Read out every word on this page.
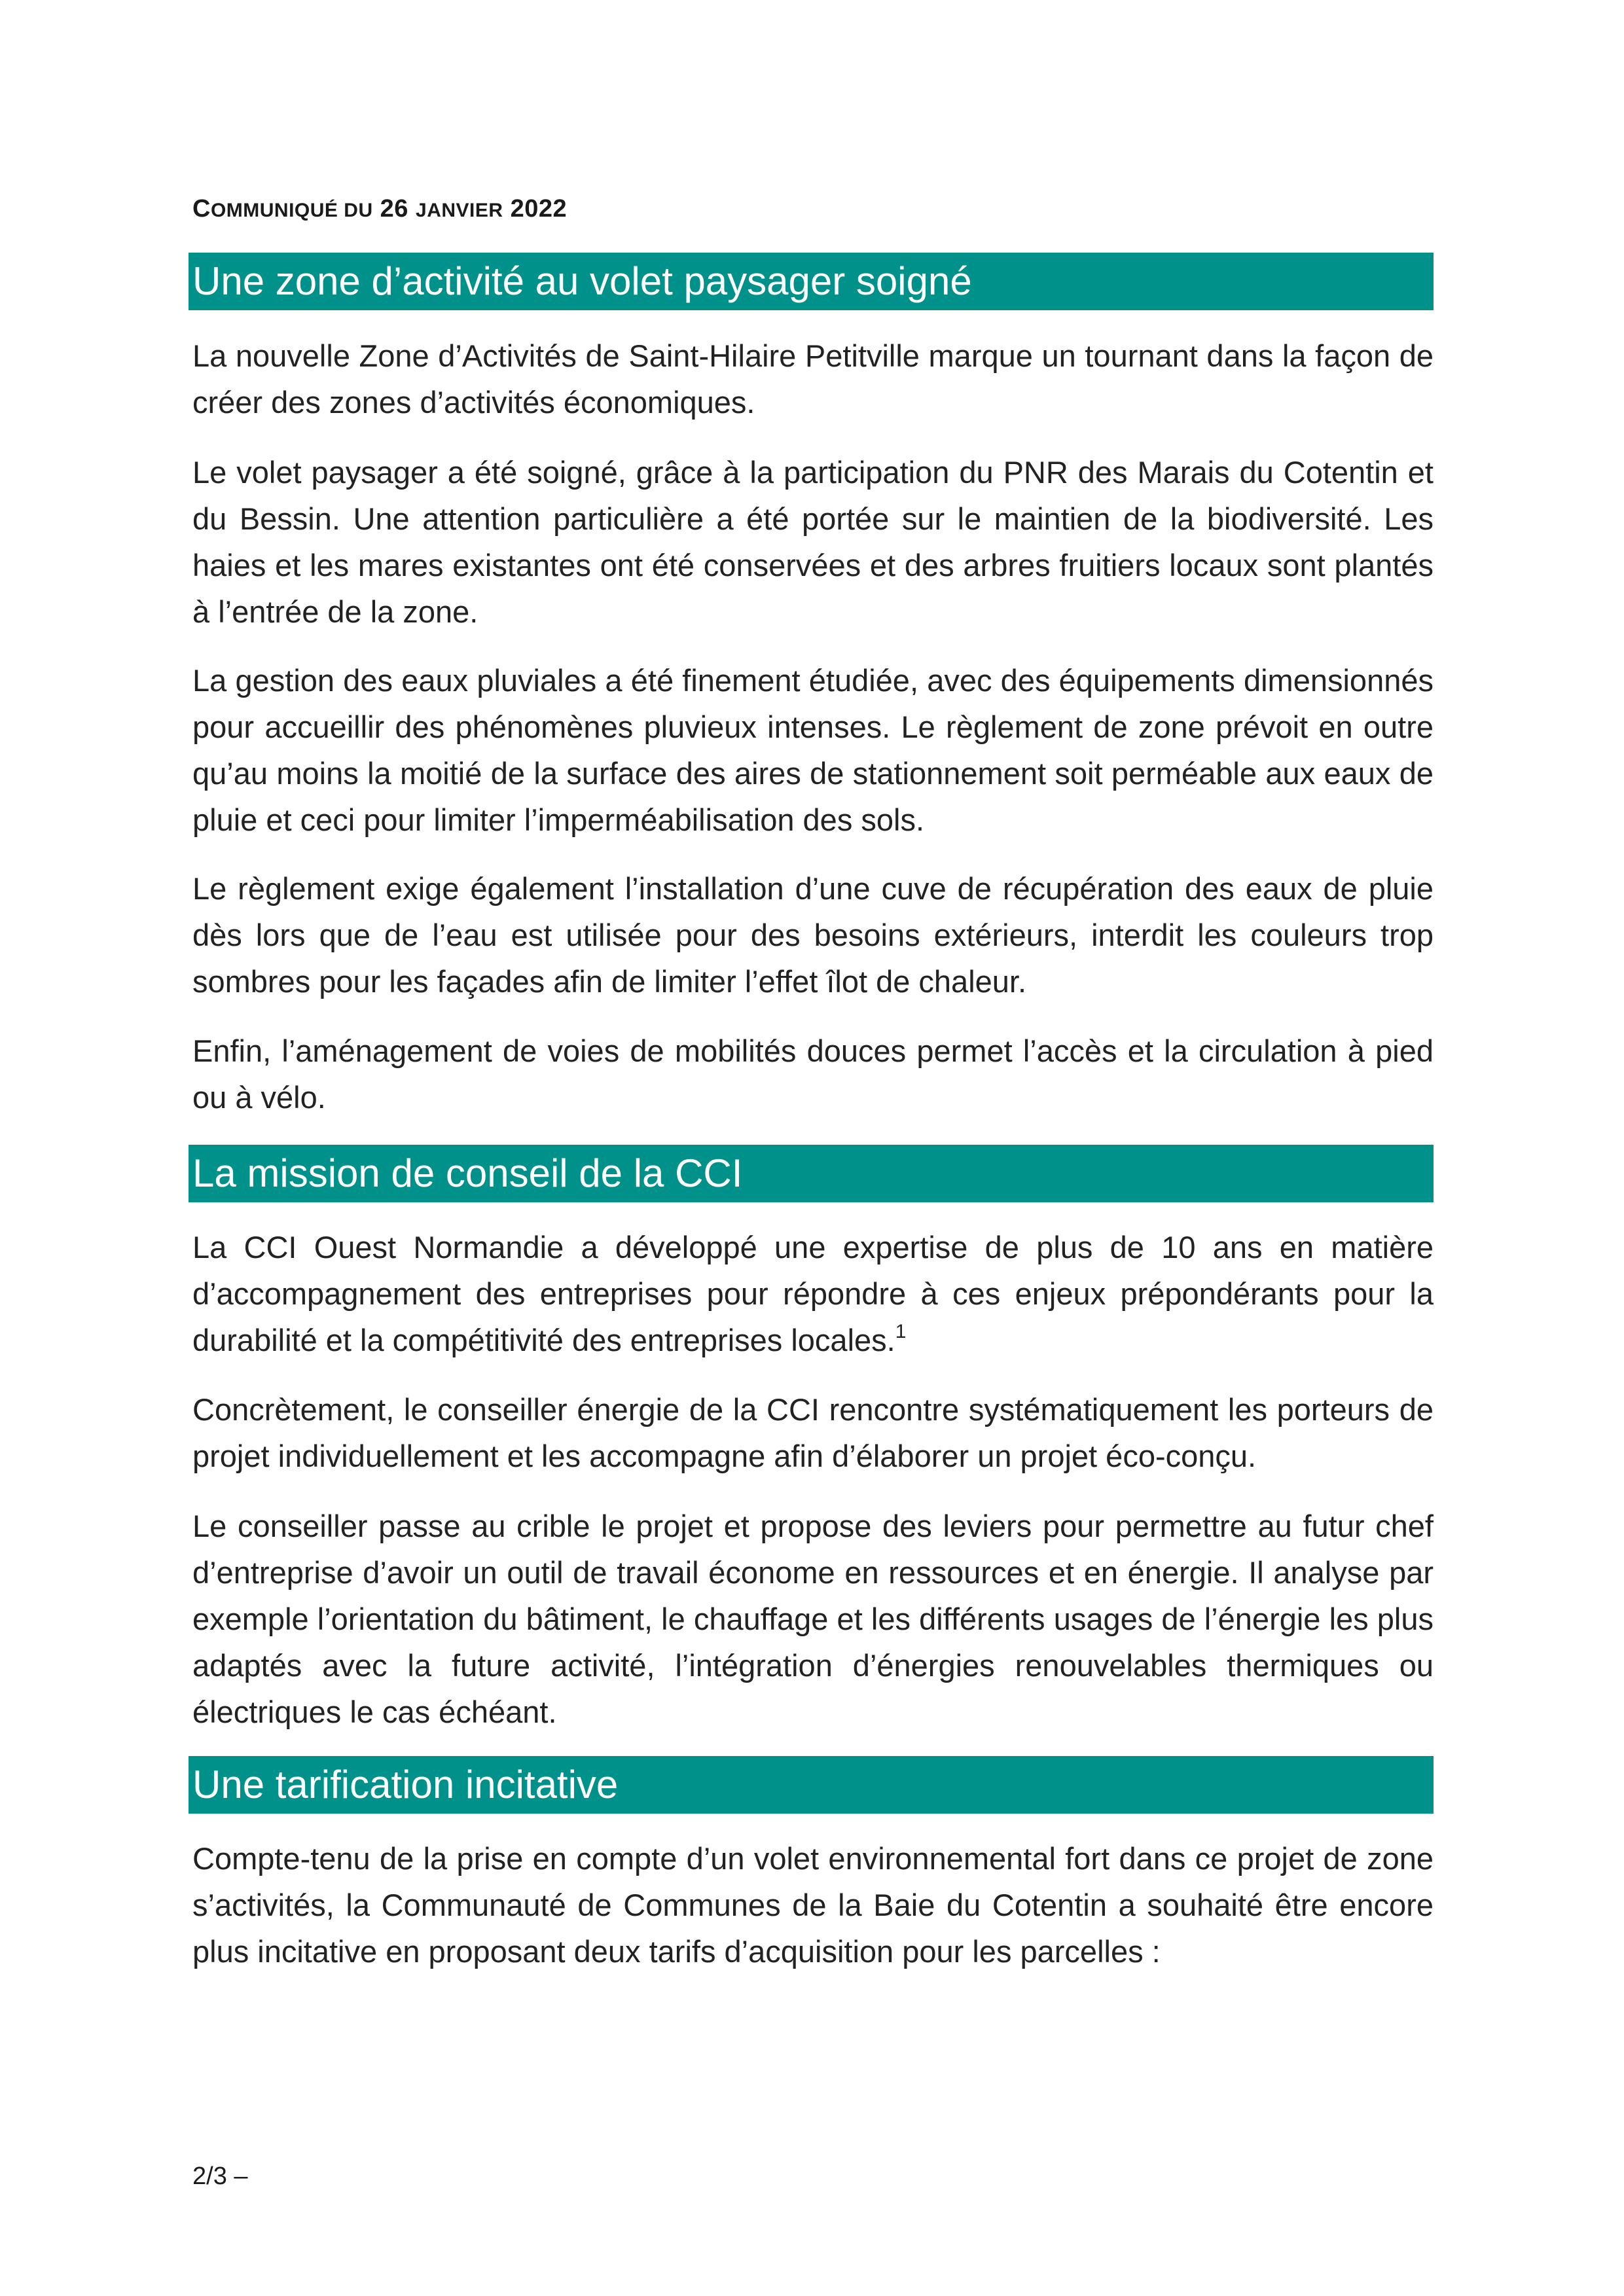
COMMUNIQUÉ DU 26 JANVIER 2022
Une zone d’activité au volet paysager soigné

La nouvelle Zone d’Activités de Saint-Hilaire Petitville marque un tournant dans la façon de créer des zones d’activités économiques.

Le volet paysager a été soigné, grâce à la participation du PNR des Marais du Cotentin et du Bessin. Une attention particulière a été portée sur le maintien de la biodiversité. Les haies et les mares existantes ont été conservées et des arbres fruitiers locaux sont plantés à l’entrée de la zone.

La gestion des eaux pluviales a été finement étudiée, avec des équipements dimensionnés pour accueillir des phénomènes pluvieux intenses. Le règlement de zone prévoit en outre qu’au moins la moitié de la surface des aires de stationnement soit perméable aux eaux de pluie et ceci pour limiter l’imperméabilisation des sols.

Le règlement exige également l’installation d’une cuve de récupération des eaux de pluie dès lors que de l’eau est utilisée pour des besoins extérieurs, interdit les couleurs trop sombres pour les façades afin de limiter l’effet îlot de chaleur.

Enfin, l’aménagement de voies de mobilités douces permet l’accès et la circulation à pied ou à vélo.

La mission de conseil de la CCI

La CCI Ouest Normandie a développé une expertise de plus de 10 ans en matière d’accompagnement des entreprises pour répondre à ces enjeux prépondérants pour la durabilité et la compétitivité des entreprises locales.$^1$

Concrètement, le conseiller énergie de la CCI rencontre systématiquement les porteurs de projet individuellement et les accompagne afin d’élaborer un projet éco-conçu.

Le conseiller passe au crible le projet et propose des leviers pour permettre au futur chef d’entreprise d’avoir un outil de travail économe en ressources et en énergie. Il analyse par exemple l’orientation du bâtiment, le chauffage et les différents usages de l’énergie les plus adaptés avec la future activité, l’intégration d’énergies renouvelables thermiques ou électriques le cas échéant.

Une tarification incitative

Compte-tenu de la prise en compte d’un volet environnemental fort dans ce projet de zone s’activités, la Communauté de Communes de la Baie du Cotentin a souhaité être encore plus incitative en proposant deux tarifs d’acquisition pour les parcelles :

2/3 –
